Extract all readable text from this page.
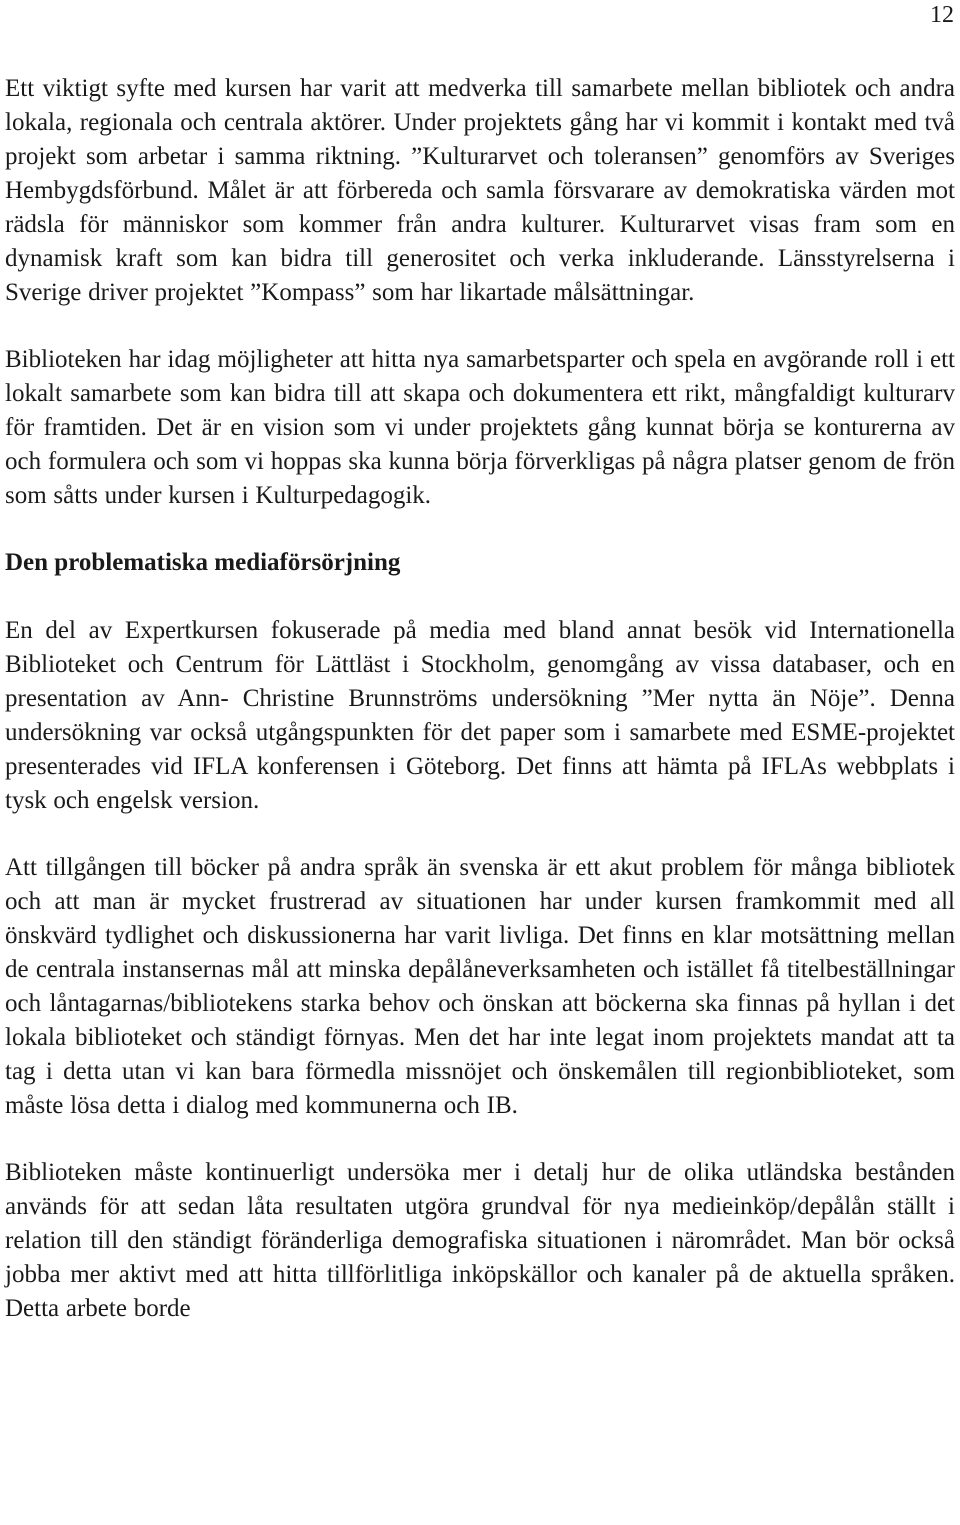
12

Ett viktigt syfte med kursen har varit att medverka till samarbete mellan bibliotek och andra lokala, regionala och centrala aktörer. Under projektets gång har vi kommit i kontakt med två projekt som arbetar i samma riktning. ”Kulturarvet och toleransen” genomförs av Sveriges Hembygdsförbund. Målet är att förbereda och samla försvarare av demokratiska värden mot rädsla för människor som kommer från andra kulturer. Kulturarvet visas fram som en dynamisk kraft som kan bidra till generositet och verka inkluderande. Länsstyrelserna i Sverige driver projektet ”Kompass” som har likartade målsättningar.

Biblioteken har idag möjligheter att hitta nya samarbetsparter och spela en avgörande roll i ett lokalt samarbete som kan bidra till att skapa och dokumentera ett rikt, mångfaldigt kulturarv för framtiden. Det är en vision som vi under projektets gång kunnat börja se konturerna av och formulera och som vi hoppas ska kunna börja förverkligas på några platser genom de frön som såtts under kursen i Kulturpedagogik.

Den problematiska mediaförsörjning

En del av Expertkursen fokuserade på media med bland annat besök vid Internationella Biblioteket och Centrum för Lättläst i Stockholm, genomgång av vissa databaser, och en presentation av Ann- Christine Brunnströms undersökning ”Mer nytta än Nöje”. Denna undersökning var också utgångspunkten för det paper som i samarbete med ESME-projektet presenterades vid IFLA konferensen i Göteborg. Det finns att hämta på IFLAs webbplats i tysk och engelsk version.

Att tillgången till böcker på andra språk än svenska är ett akut problem för många bibliotek och att man är mycket frustrerad av situationen har under kursen framkommit med all önskvärd tydlighet och diskussionerna har varit livliga. Det finns en klar motsättning mellan de centrala instansernas mål att minska depålåneverksamheten och istället få titelbeställningar och låntagarnas/bibliotekens starka behov och önskan att böckerna ska finnas på hyllan i det lokala biblioteket och ständigt förnyas. Men det har inte legat inom projektets mandat att ta tag i detta utan vi kan bara förmedla missnöjet och önskemålen till regionbiblioteket, som måste lösa detta i dialog med kommunerna och IB.

Biblioteken måste kontinuerligt undersöka mer i detalj hur de olika utländska bestånden används för att sedan låta resultaten utgöra grundval för nya medieinköp/depålån ställt i relation till den ständigt föränderliga demografiska situationen i närområdet. Man bör också jobba mer aktivt med att hitta tillförlitliga inköpskällor och kanaler på de aktuella språken. Detta arbete borde
